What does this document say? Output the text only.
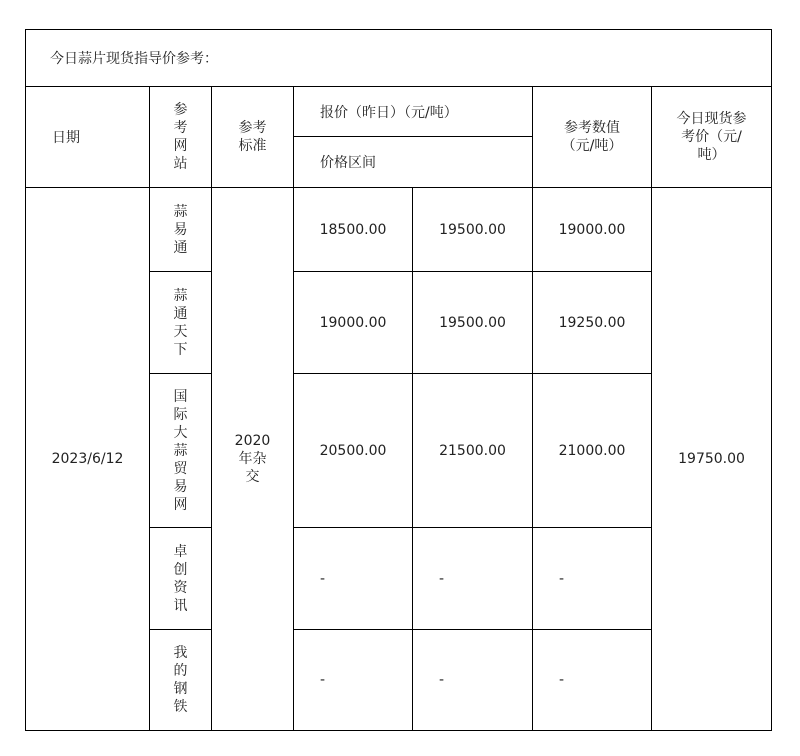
今日蒜片现货指导价参考：						
日期	参考网站	参考标准	报价（昨日）（元/吨）		参考数值（元/吨）	今日现货参考价（元/吨）

			价格区间			
2023/6/12	蒜易通	2020年杂交	18500.00	19500.00	19000.00	19750.00

	蒜通天下		19000.00	19500.00	19250.00	

	国际大蒜贸易网		20500.00	21500.00	21000.00	

	卓创资讯		-	-	-	

	我的钢铁		-	-	-	
